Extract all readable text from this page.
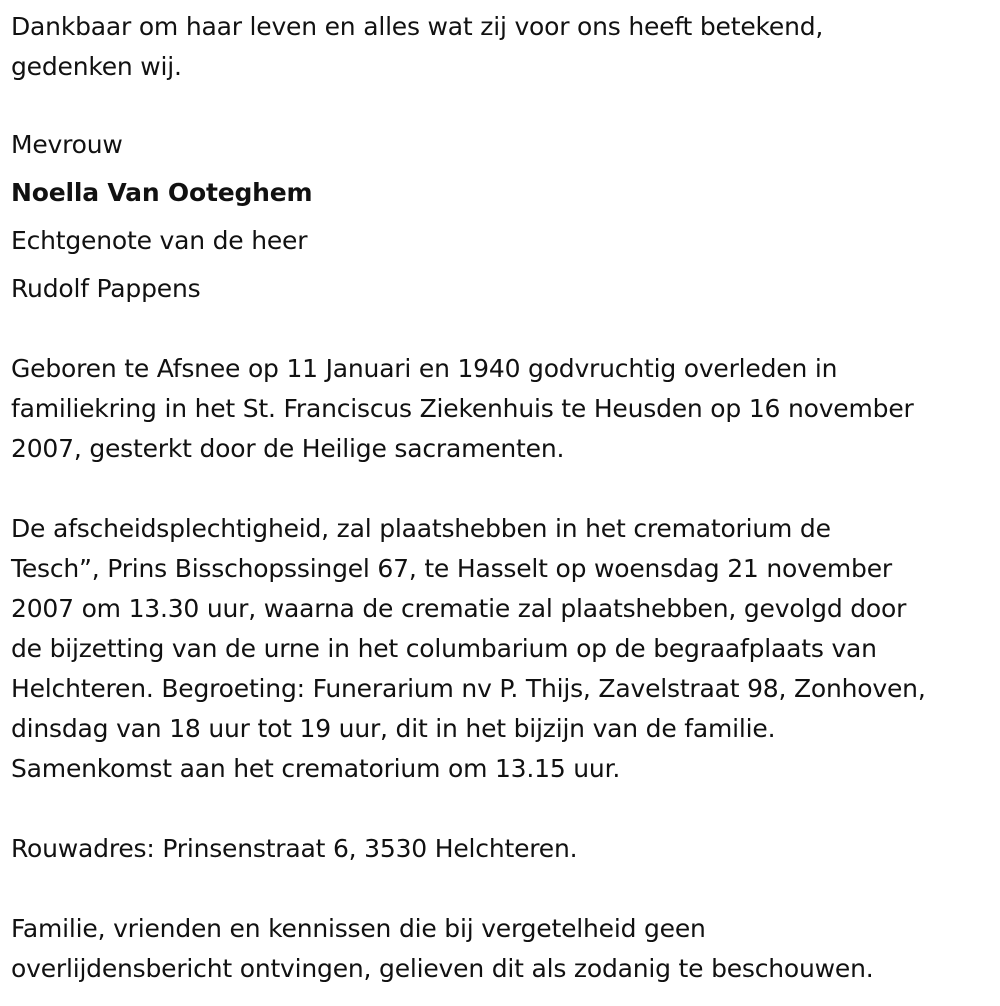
Dankbaar om haar leven en alles wat zij voor ons heeft betekend,
gedenken wij.
Mevrouw
Noella Van Ooteghem
Echtgenote van de heer
Rudolf Pappens
Geboren te Afsnee op 11 Januari en 1940 godvruchtig overleden in
familiekring in het St. Franciscus Ziekenhuis te Heusden op 16 november
2007, gesterkt door de Heilige sacramenten.
De afscheidsplechtigheid, zal plaatshebben in het crematorium de
Tesch”, Prins Bisschopssingel 67, te Hasselt op woensdag 21 november
2007 om 13.30 uur, waarna de crematie zal plaatshebben, gevolgd door
de bijzetting van de urne in het columbarium op de begraafplaats van
Helchteren. Begroeting: Funerarium nv P. Thijs, Zavelstraat 98, Zonhoven,
dinsdag van 18 uur tot 19 uur, dit in het bijzijn van de familie.
Samenkomst aan het crematorium om 13.15 uur.
Rouwadres: Prinsenstraat 6, 3530 Helchteren.
Familie, vrienden en kennissen die bij vergetelheid geen
overlijdensbericht ontvingen, gelieven dit als zodanig te beschouwen.
